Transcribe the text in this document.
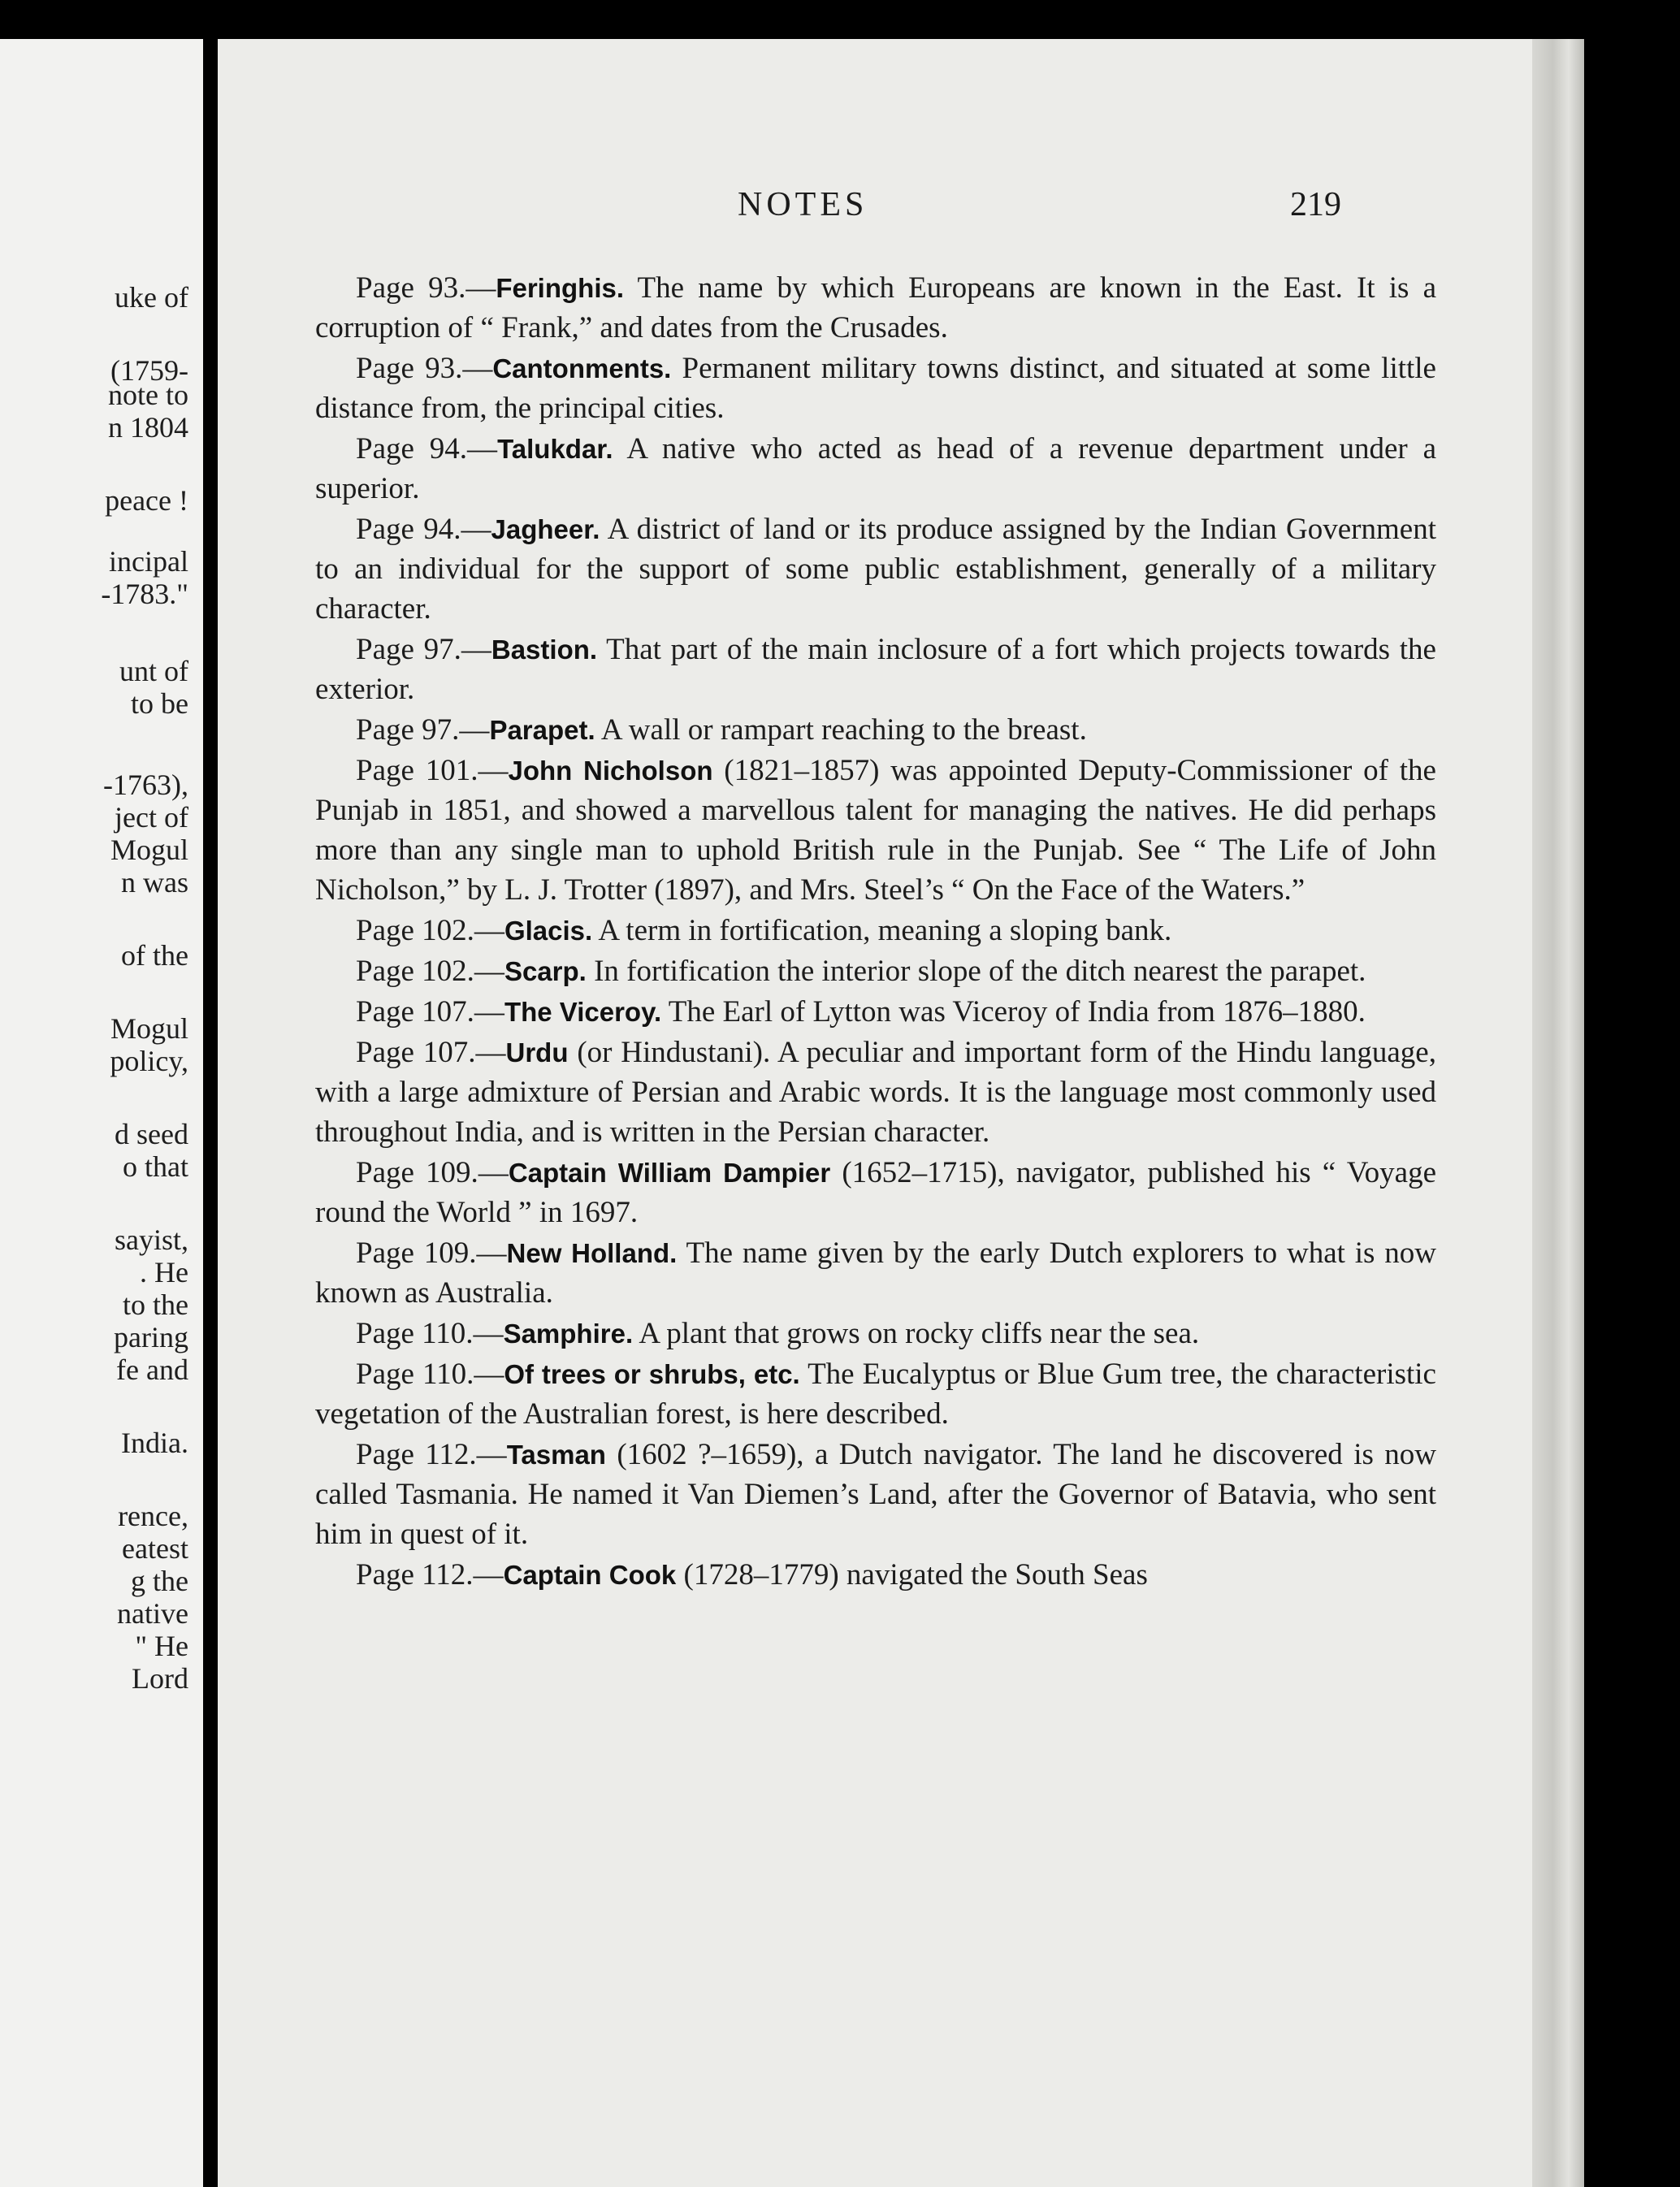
uke of
(1759-
note to
n 1804
peace !
incipal
-1783."
unt of
to be
-1763),
ject of
Mogul
n was
of the
Mogul
policy,
d seed
o that
sayist,
. He
to the
paring
fe and
India.
rence,
eatest
g the
native
" He
Lord
NOTES	219

Page 93.—Feringhis. The name by which Europeans are known in the East. It is a corruption of “ Frank,” and dates from the Crusades.

Page 93.—Cantonments. Permanent military towns distinct, and situated at some little distance from, the principal cities.

Page 94.—Talukdar. A native who acted as head of a revenue department under a superior.

Page 94.—Jagheer. A district of land or its produce assigned by the Indian Government to an individual for the support of some public establishment, generally of a military character.

Page 97.—Bastion. That part of the main inclosure of a fort which projects towards the exterior.

Page 97.—Parapet. A wall or rampart reaching to the breast.

Page 101.—John Nicholson (1821–1857) was appointed Deputy-Commissioner of the Punjab in 1851, and showed a marvellous talent for managing the natives. He did perhaps more than any single man to uphold British rule in the Punjab. See “ The Life of John Nicholson,” by L. J. Trotter (1897), and Mrs. Steel’s “ On the Face of the Waters.”

Page 102.—Glacis. A term in fortification, meaning a sloping bank.

Page 102.—Scarp. In fortification the interior slope of the ditch nearest the parapet.

Page 107.—The Viceroy. The Earl of Lytton was Viceroy of India from 1876–1880.

Page 107.—Urdu (or Hindustani). A peculiar and important form of the Hindu language, with a large admixture of Persian and Arabic words. It is the language most commonly used throughout India, and is written in the Persian character.

Page 109.—Captain William Dampier (1652–1715), navigator, published his “ Voyage round the World ” in 1697.

Page 109.—New Holland. The name given by the early Dutch explorers to what is now known as Australia.

Page 110.—Samphire. A plant that grows on rocky cliffs near the sea.

Page 110.—Of trees or shrubs, etc. The Eucalyptus or Blue Gum tree, the characteristic vegetation of the Australian forest, is here described.

Page 112.—Tasman (1602 ?–1659), a Dutch navigator. The land he discovered is now called Tasmania. He named it Van Diemen’s Land, after the Governor of Batavia, who sent him in quest of it.

Page 112.—Captain Cook (1728–1779) navigated the South Seas
